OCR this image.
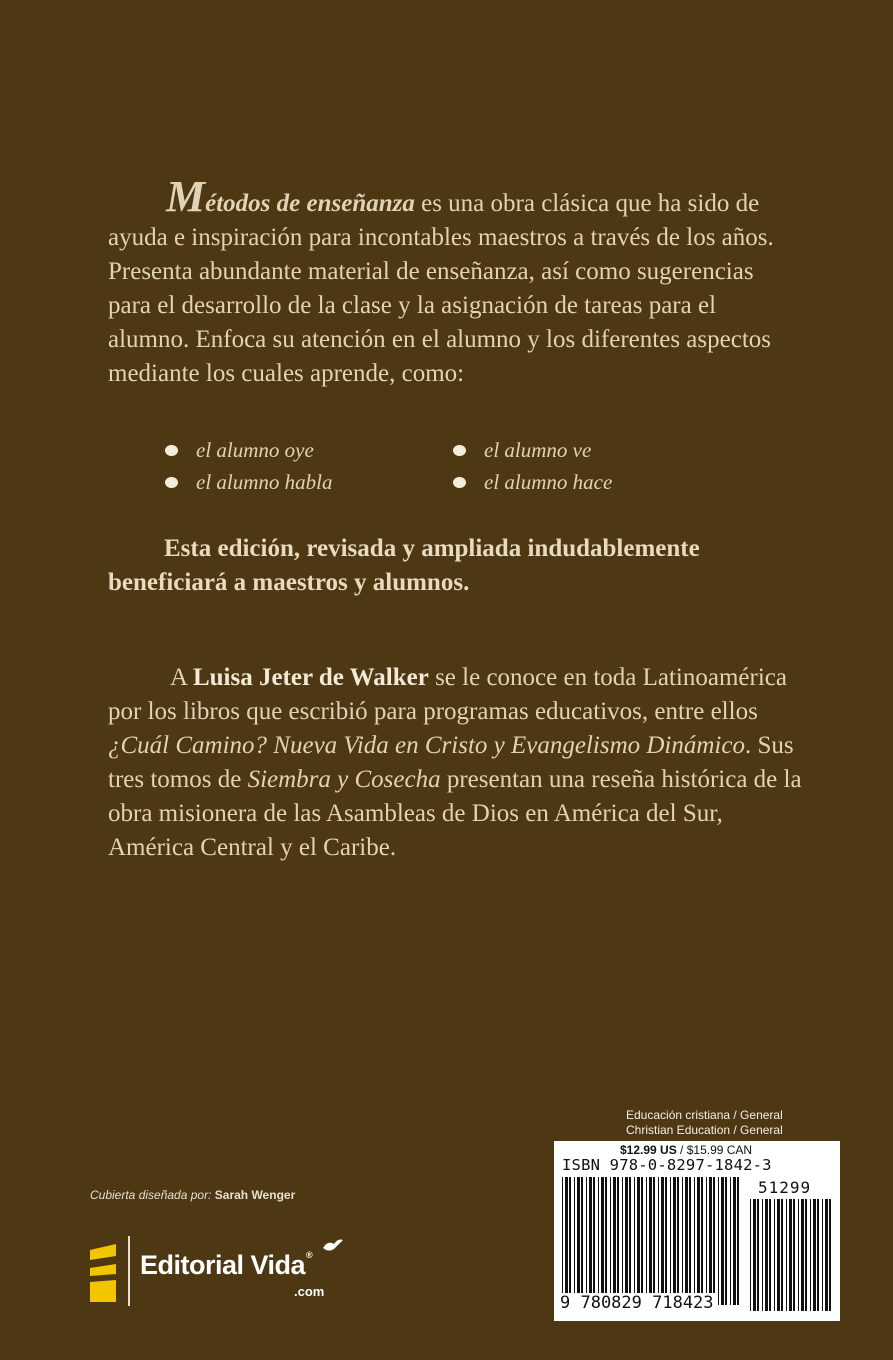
Métodos de enseñanza es una obra clásica que ha sido de ayuda e inspiración para incontables maestros a través de los años. Presenta abundante material de enseñanza, así como sugerencias para el desarrollo de la clase y la asignación de tareas para el alumno. Enfoca su atención en el alumno y los diferentes aspectos mediante los cuales aprende, como:

el alumno oye	el alumno ve
el alumno habla	el alumno hace

Esta edición, revisada y ampliada indudablemente beneficiará a maestros y alumnos.

A Luisa Jeter de Walker se le conoce en toda Latinoamérica por los libros que escribió para programas educativos, entre ellos ¿Cuál Camino? Nueva Vida en Cristo y Evangelismo Dinámico. Sus tres tomos de Siembra y Cosecha presentan una reseña histórica de la obra misionera de las Asambleas de Dios en América del Sur, América Central y el Caribe.

Cubierta diseñada por: Sarah Wenger
Editorial Vida®
.com
Educación cristiana / General
Christian Education / General
$12.99 US / $15.99 CAN
ISBN 978-0-8297-1842-3
51299
9 780829 718423
